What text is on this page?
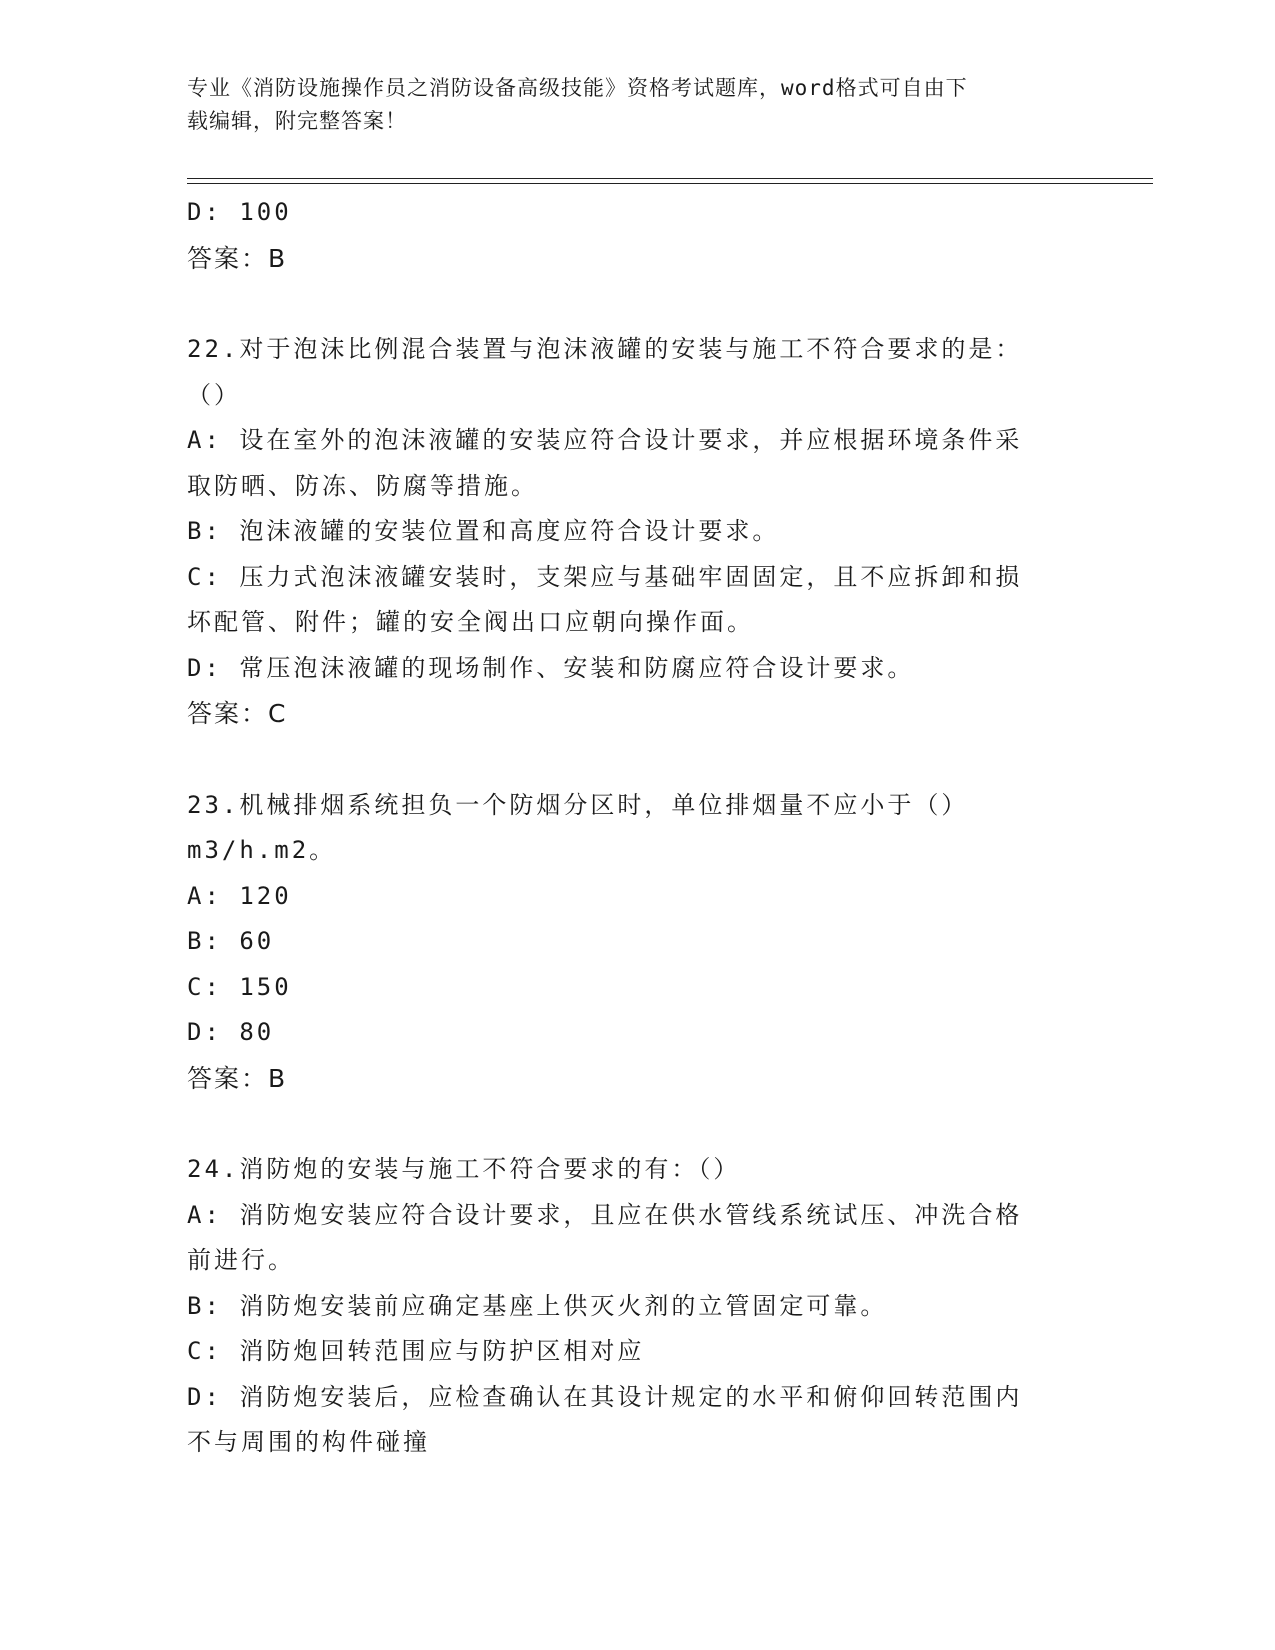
专业《消防设施操作员之消防设备高级技能》资格考试题库，word格式可自由下
载编辑，附完整答案！
D: 100
答案：B
22.对于泡沫比例混合装置与泡沫液罐的安装与施工不符合要求的是：
（）
A: 设在室外的泡沫液罐的安装应符合设计要求，并应根据环境条件采
取防晒、防冻、防腐等措施。
B: 泡沫液罐的安装位置和高度应符合设计要求。
C: 压力式泡沫液罐安装时，支架应与基础牢固固定，且不应拆卸和损
坏配管、附件；罐的安全阀出口应朝向操作面。
D: 常压泡沫液罐的现场制作、安装和防腐应符合设计要求。
答案：C
23.机械排烟系统担负一个防烟分区时，单位排烟量不应小于（）
m3/h.m2。
A: 120
B: 60
C: 150
D: 80
答案：B
24.消防炮的安装与施工不符合要求的有：（）
A: 消防炮安装应符合设计要求，且应在供水管线系统试压、冲洗合格
前进行。
B: 消防炮安装前应确定基座上供灭火剂的立管固定可靠。
C: 消防炮回转范围应与防护区相对应
D: 消防炮安装后，应检查确认在其设计规定的水平和俯仰回转范围内
不与周围的构件碰撞
